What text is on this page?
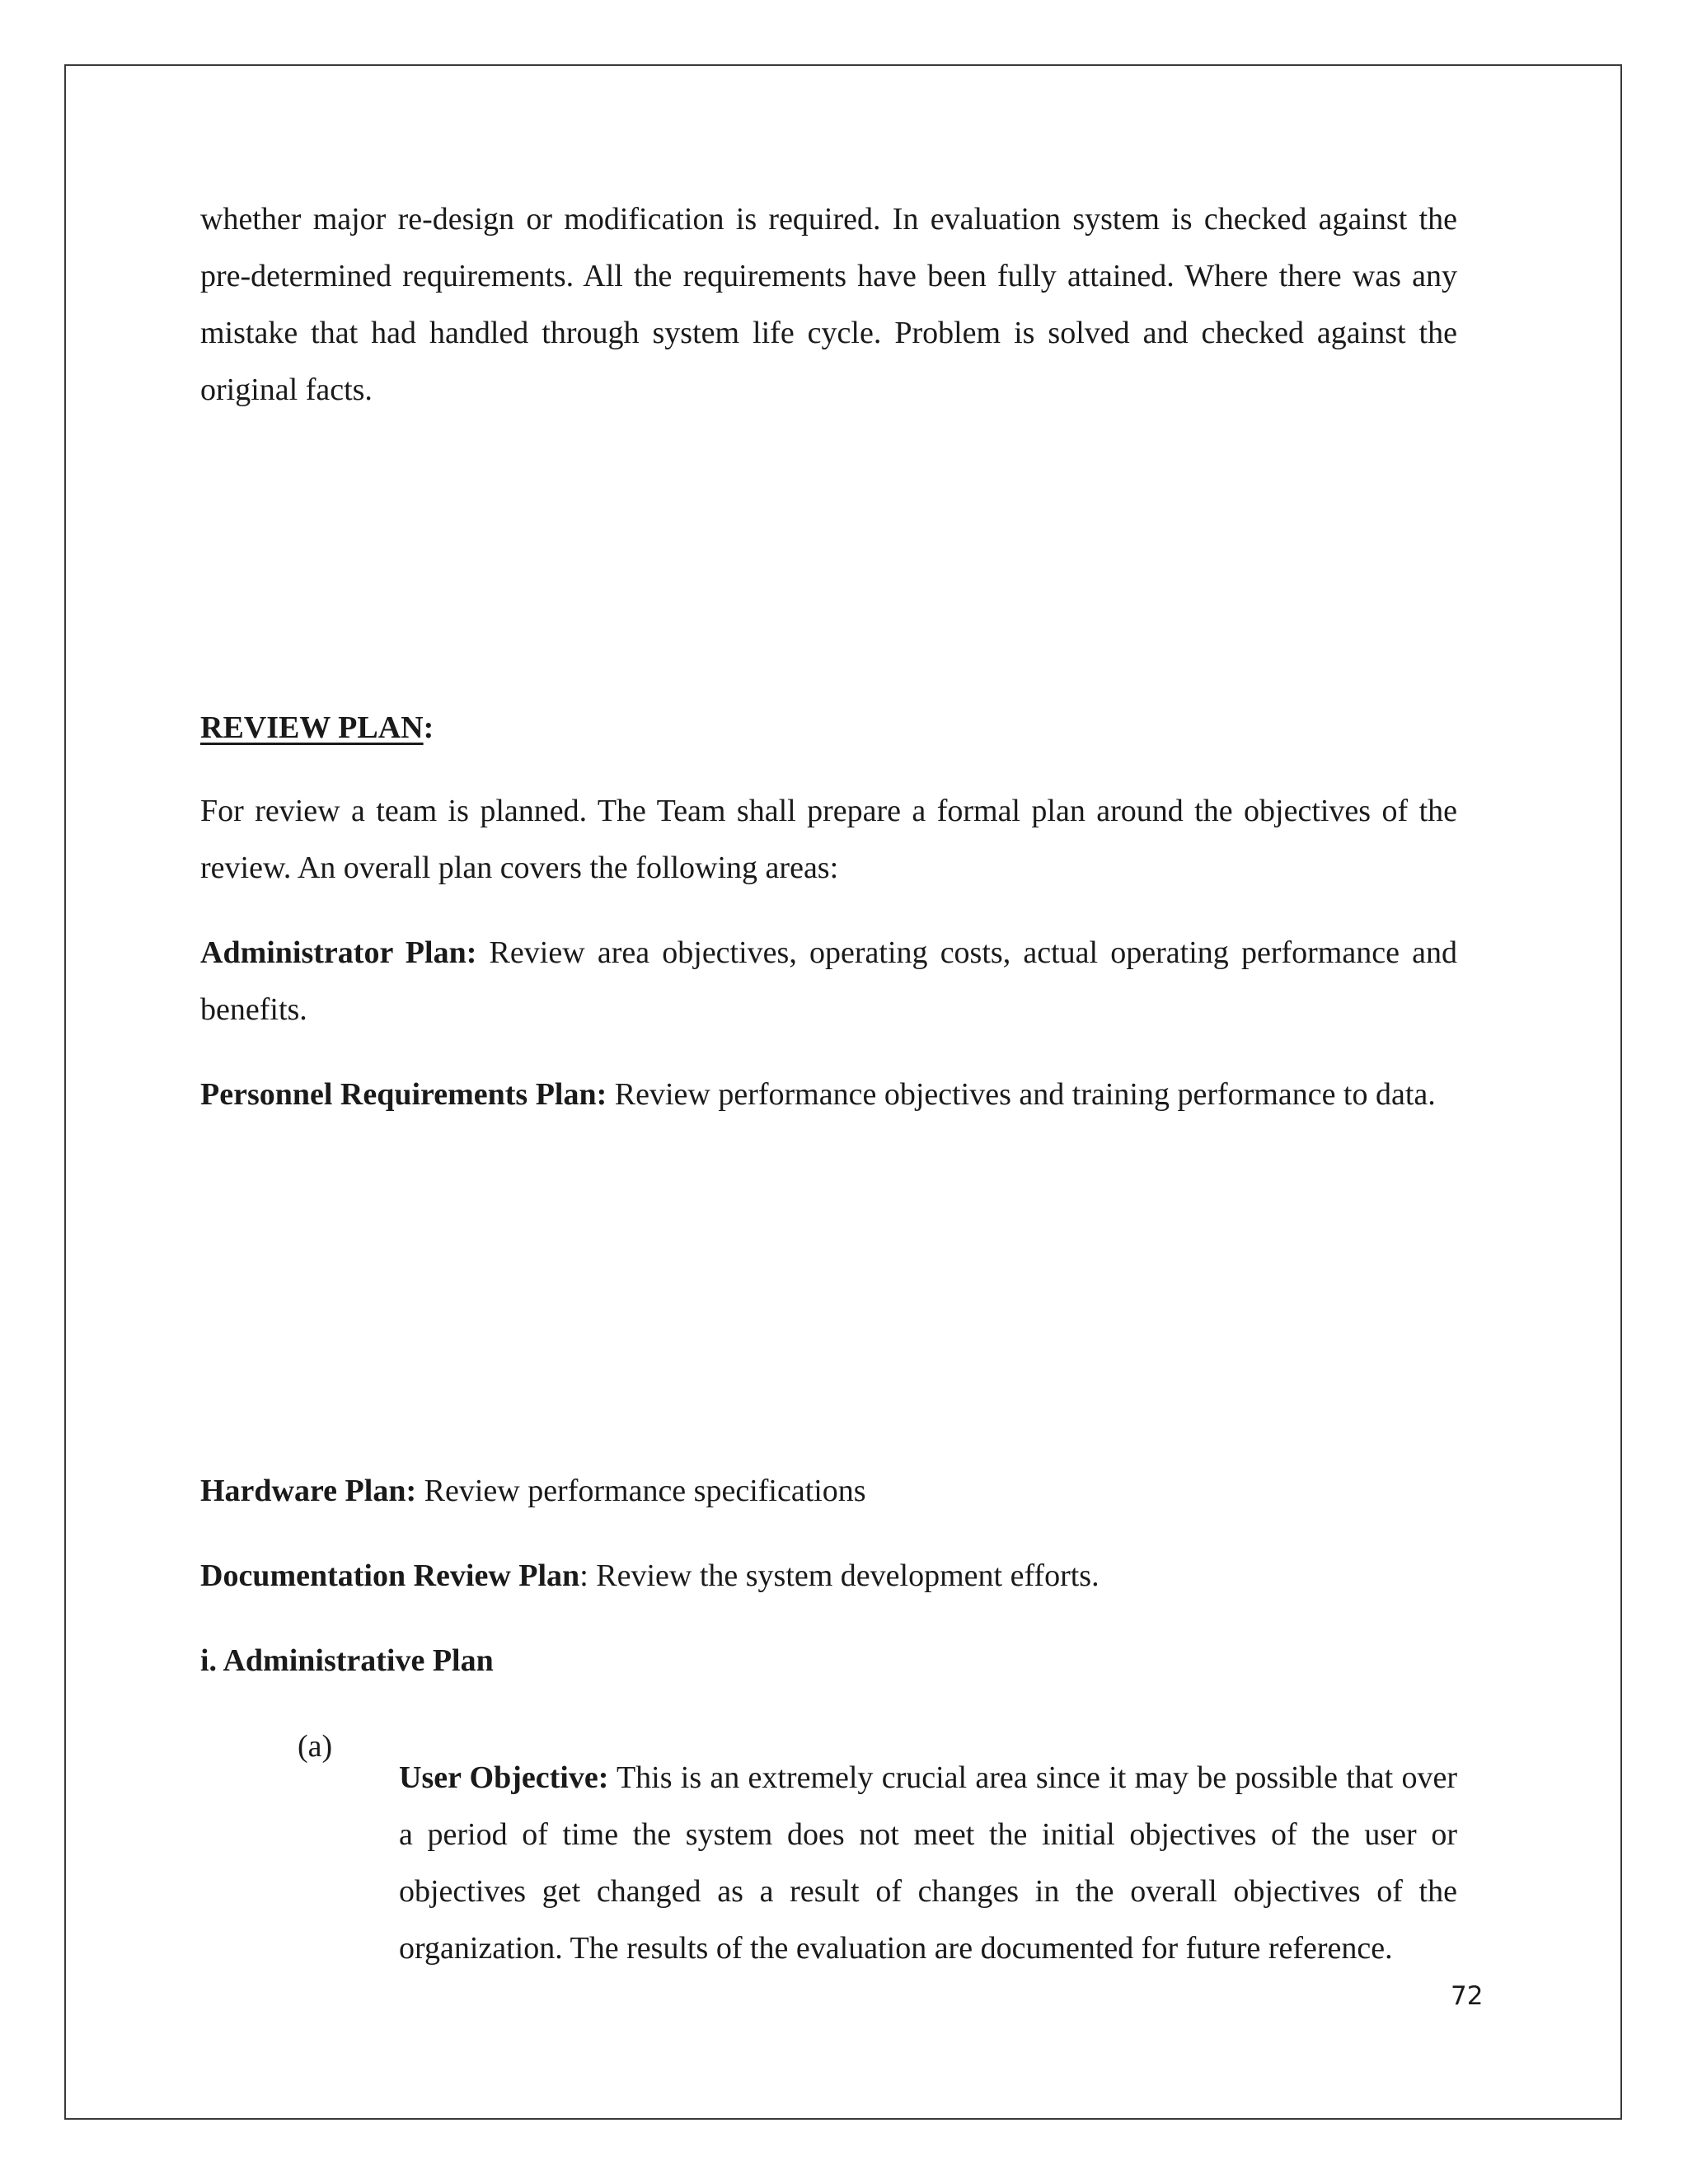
whether major re-design or modification is required. In evaluation system is checked against the pre-determined requirements. All the requirements have been fully attained. Where there was any mistake that had handled through system life cycle. Problem is solved and checked against the original facts.

REVIEW PLAN:

For review a team is planned. The Team shall prepare a formal plan around the objectives of the review. An overall plan covers the following areas:

Administrator Plan: Review area objectives, operating costs, actual operating performance and benefits.

Personnel Requirements Plan: Review performance objectives and training performance to data.

Hardware Plan: Review performance specifications

Documentation Review Plan: Review the system development efforts.

i. Administrative Plan

(a)

User Objective: This is an extremely crucial area since it may be possible that over a period of time the system does not meet the initial objectives of the user or objectives get changed as a result of changes in the overall objectives of the organization. The results of the evaluation are documented for future reference.

72
